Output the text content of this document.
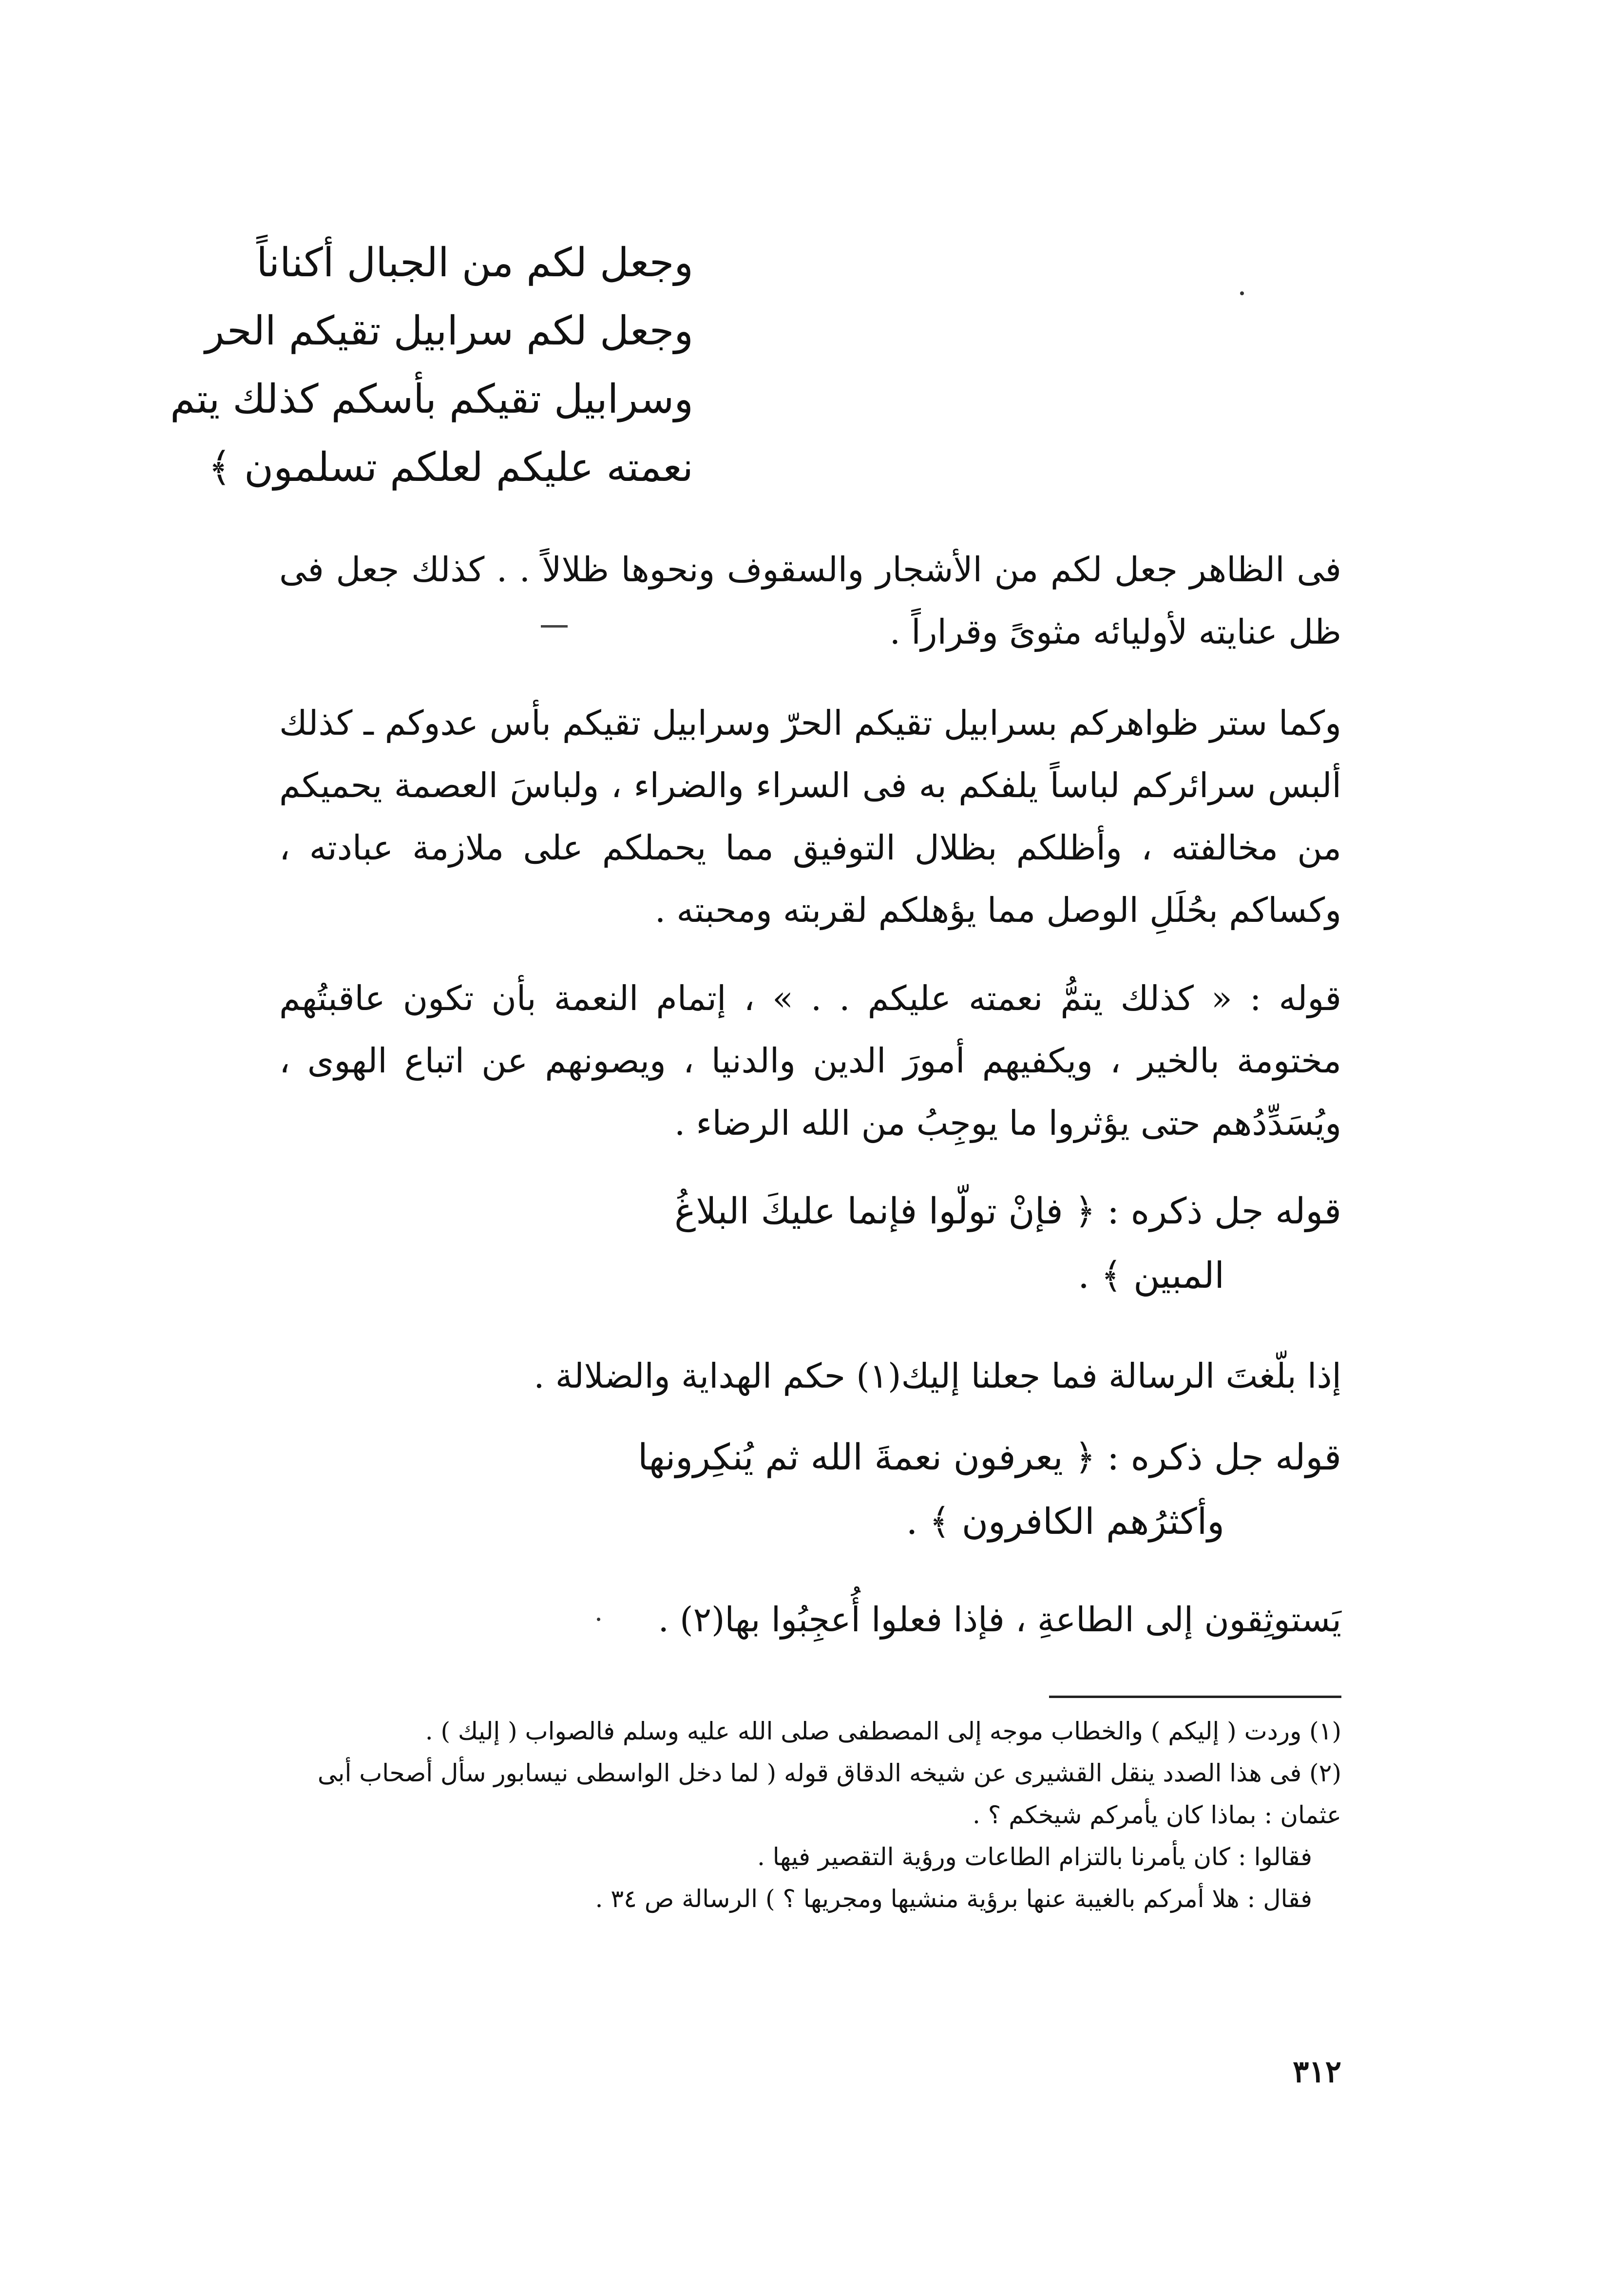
وجعل لكم من الجبال أكناناً
وجعل لكم سرابيل تقيكم الحر
وسرابيل تقيكم بأسكم كذلك يتم
نعمته عليكم لعلكم تسلمون ﴾
فى الظاهر جعل لكم من الأشجار والسقوف ونحوها ظلالاً . . كذلك جعل فى ظل عنايته لأوليائه مثوىً وقراراً .
وكما ستر ظواهركم بسرابيل تقيكم الحرّ وسرابيل تقيكم بأس عدوكم ـ كذلك ألبس سرائركم لباساً يلفكم به فى السراء والضراء ، ولباسَ العصمة يحميكم من مخالفته ، وأظلكم بظلال التوفيق مما يحملكم على ملازمة عبادته ، وكساكم بحُلَلِ الوصل مما يؤهلكم لقربته ومحبته .
قوله : « كذلك يتمُّ نعمته عليكم . . » ، إتمام النعمة بأن تكون عاقبتُهم مختومة بالخير ، ويكفيهم أمورَ الدين والدنيا ، ويصونهم عن اتباع الهوى ، ويُسَدِّدُهم حتى يؤثروا ما يوجِبُ من الله الرضاء .
قوله جل ذكره : ﴿ فإنْ تولّوا فإنما عليكَ البلاغُ
المبين ﴾ .
إذا بلّغتَ الرسالة فما جعلنا إليك(١) حكم الهداية والضلالة .
قوله جل ذكره : ﴿ يعرفون نعمةَ الله ثم يُنكِرونها
وأكثرُهم الكافرون ﴾ .
يَستوثِقون إلى الطاعةِ ، فإذا فعلوا أُعجِبُوا بها(٢) .
(١) وردت ( إليكم ) والخطاب موجه إلى المصطفى صلى الله عليه وسلم فالصواب ( إليك ) .
(٢) فى هذا الصدد ينقل القشيرى عن شيخه الدقاق قوله ( لما دخل الواسطى نيسابور سأل أصحاب أبى
عثمان : بماذا كان يأمركم شيخكم ؟ .
فقالوا : كان يأمرنا بالتزام الطاعات ورؤية التقصير فيها .
فقال : هلا أمركم بالغيبة عنها برؤية منشيها ومجريها ؟ ) الرسالة ص ٣٤ .
٣١٢
